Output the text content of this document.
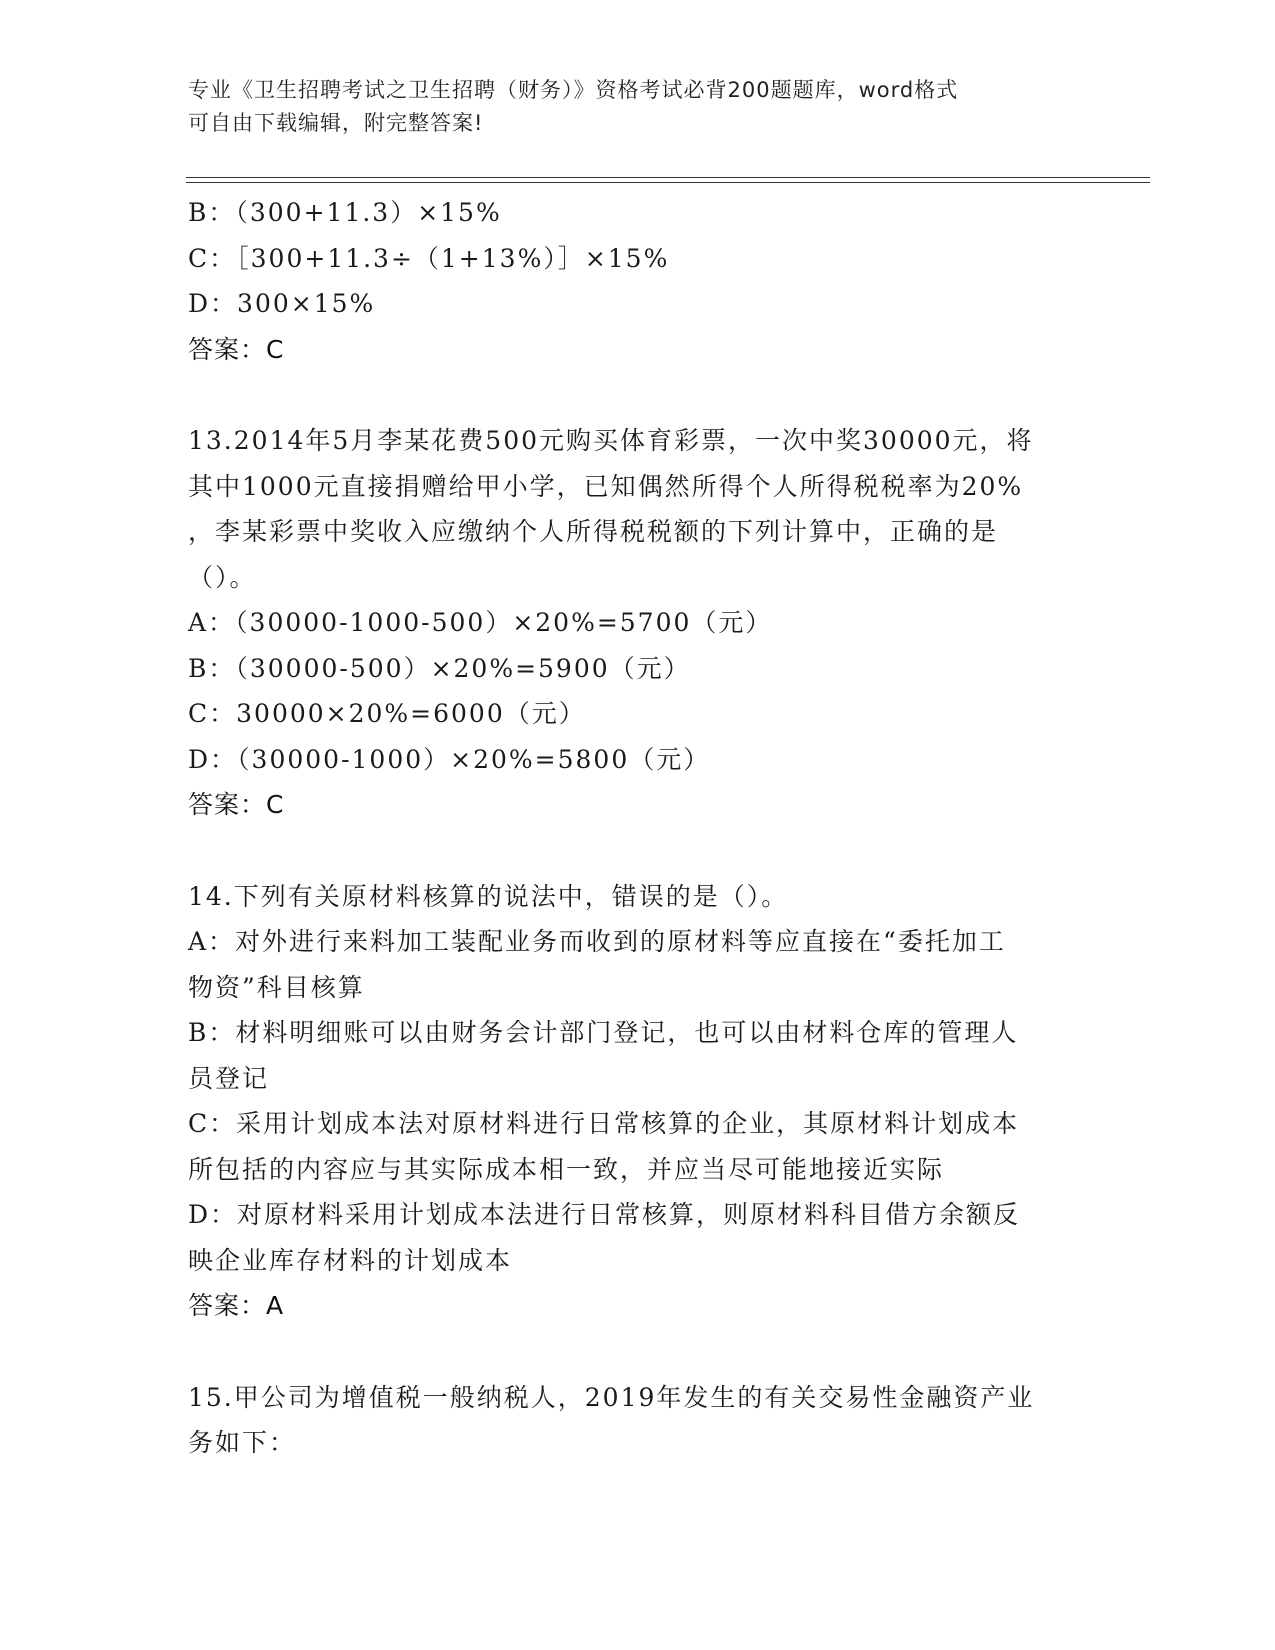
专业《卫生招聘考试之卫生招聘（财务）》资格考试必背200题题库，word格式
可自由下载编辑，附完整答案!
B：（300+11.3）×15%
C：［300+11.3÷（1+13%）］×15%
D：300×15%
答案：C
13.2014年5月李某花费500元购买体育彩票，一次中奖30000元，将
其中1000元直接捐赠给甲小学，已知偶然所得个人所得税税率为20%
，李某彩票中奖收入应缴纳个人所得税税额的下列计算中，正确的是
（）。
A：（30000-1000-500）×20%=5700（元）
B：（30000-500）×20%=5900（元）
C：30000×20%=6000（元）
D：（30000-1000）×20%=5800（元）
答案：C
14.下列有关原材料核算的说法中，错误的是（）。
A：对外进行来料加工装配业务而收到的原材料等应直接在“委托加工
物资”科目核算
B：材料明细账可以由财务会计部门登记，也可以由材料仓库的管理人
员登记
C：采用计划成本法对原材料进行日常核算的企业，其原材料计划成本
所包括的内容应与其实际成本相一致，并应当尽可能地接近实际
D：对原材料采用计划成本法进行日常核算，则原材料科目借方余额反
映企业库存材料的计划成本
答案：A
15.甲公司为增值税一般纳税人，2019年发生的有关交易性金融资产业
务如下：
